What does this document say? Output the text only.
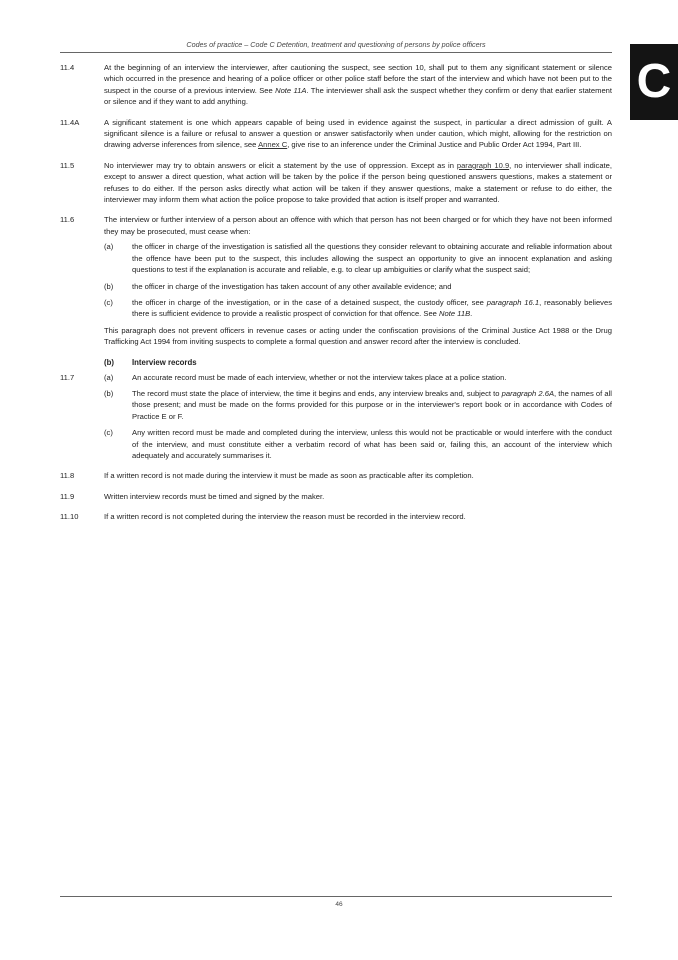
Codes of practice – Code C Detention, treatment and questioning of persons by police officers
C
11.4	At the beginning of an interview the interviewer, after cautioning the suspect, see section 10, shall put to them any significant statement or silence which occurred in the presence and hearing of a police officer or other police staff before the start of the interview and which have not been put to the suspect in the course of a previous interview. See Note 11A. The interviewer shall ask the suspect whether they confirm or deny that earlier statement or silence and if they want to add anything.
11.4A	A significant statement is one which appears capable of being used in evidence against the suspect, in particular a direct admission of guilt. A significant silence is a failure or refusal to answer a question or answer satisfactorily when under caution, which might, allowing for the restriction on drawing adverse inferences from silence, see Annex C, give rise to an inference under the Criminal Justice and Public Order Act 1994, Part III.
11.5	No interviewer may try to obtain answers or elicit a statement by the use of oppression. Except as in paragraph 10.9, no interviewer shall indicate, except to answer a direct question, what action will be taken by the police if the person being questioned answers questions, makes a statement or refuses to do either. If the person asks directly what action will be taken if they answer questions, make a statement or refuse to do either, the interviewer may inform them what action the police propose to take provided that action is itself proper and warranted.
11.6	The interview or further interview of a person about an offence with which that person has not been charged or for which they have not been informed they may be prosecuted, must cease when:
(a)	the officer in charge of the investigation is satisfied all the questions they consider relevant to obtaining accurate and reliable information about the offence have been put to the suspect, this includes allowing the suspect an opportunity to give an innocent explanation and asking questions to test if the explanation is accurate and reliable, e.g. to clear up ambiguities or clarify what the suspect said;
(b)	the officer in charge of the investigation has taken account of any other available evidence; and
(c)	the officer in charge of the investigation, or in the case of a detained suspect, the custody officer, see paragraph 16.1, reasonably believes there is sufficient evidence to provide a realistic prospect of conviction for that offence. See Note 11B.
This paragraph does not prevent officers in revenue cases or acting under the confiscation provisions of the Criminal Justice Act 1988 or the Drug Trafficking Act 1994 from inviting suspects to complete a formal question and answer record after the interview is concluded.
(b) Interview records
11.7	(a)	An accurate record must be made of each interview, whether or not the interview takes place at a police station.
(b)	The record must state the place of interview, the time it begins and ends, any interview breaks and, subject to paragraph 2.6A, the names of all those present; and must be made on the forms provided for this purpose or in the interviewer's report book or in accordance with Codes of Practice E or F.
(c)	Any written record must be made and completed during the interview, unless this would not be practicable or would interfere with the conduct of the interview, and must constitute either a verbatim record of what has been said or, failing this, an account of the interview which adequately and accurately summarises it.
11.8	If a written record is not made during the interview it must be made as soon as practicable after its completion.
11.9	Written interview records must be timed and signed by the maker.
11.10	If a written record is not completed during the interview the reason must be recorded in the interview record.
46
